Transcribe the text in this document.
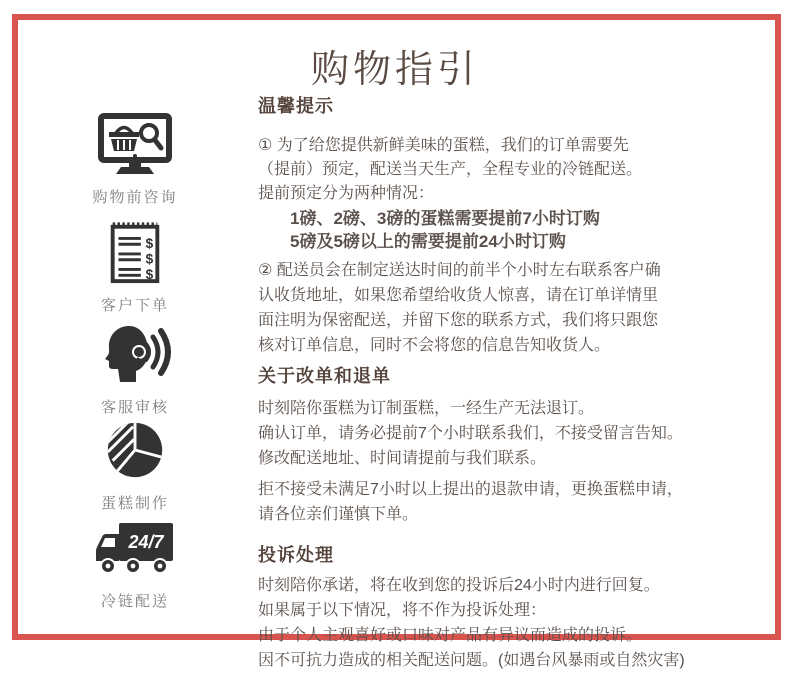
购物指引
购物前咨询
$
$
$
客户下单
客服审核
蛋糕制作
24/7
冷链配送
温馨提示
① 为了给您提供新鲜美味的蛋糕，我们的订单需要先
（提前）预定，配送当天生产，全程专业的冷链配送。
提前预定分为两种情况：
1磅、2磅、3磅的蛋糕需要提前7小时订购
5磅及5磅以上的需要提前24小时订购
② 配送员会在制定送达时间的前半个小时左右联系客户确
认收货地址，如果您希望给收货人惊喜，请在订单详情里
面注明为保密配送，并留下您的联系方式，我们将只跟您
核对订单信息，同时不会将您的信息告知收货人。
关于改单和退单
时刻陪你蛋糕为订制蛋糕，一经生产无法退订。
确认订单，请务必提前7个小时联系我们，不接受留言告知。
修改配送地址、时间请提前与我们联系。
拒不接受未满足7小时以上提出的退款申请，更换蛋糕申请，
请各位亲们谨慎下单。
投诉处理
时刻陪你承诺，将在收到您的投诉后24小时内进行回复。
如果属于以下情况，将不作为投诉处理：
由于个人主观喜好或口味对产品有异议而造成的投诉。
因不可抗力造成的相关配送问题。(如遇台风暴雨或自然灾害)
